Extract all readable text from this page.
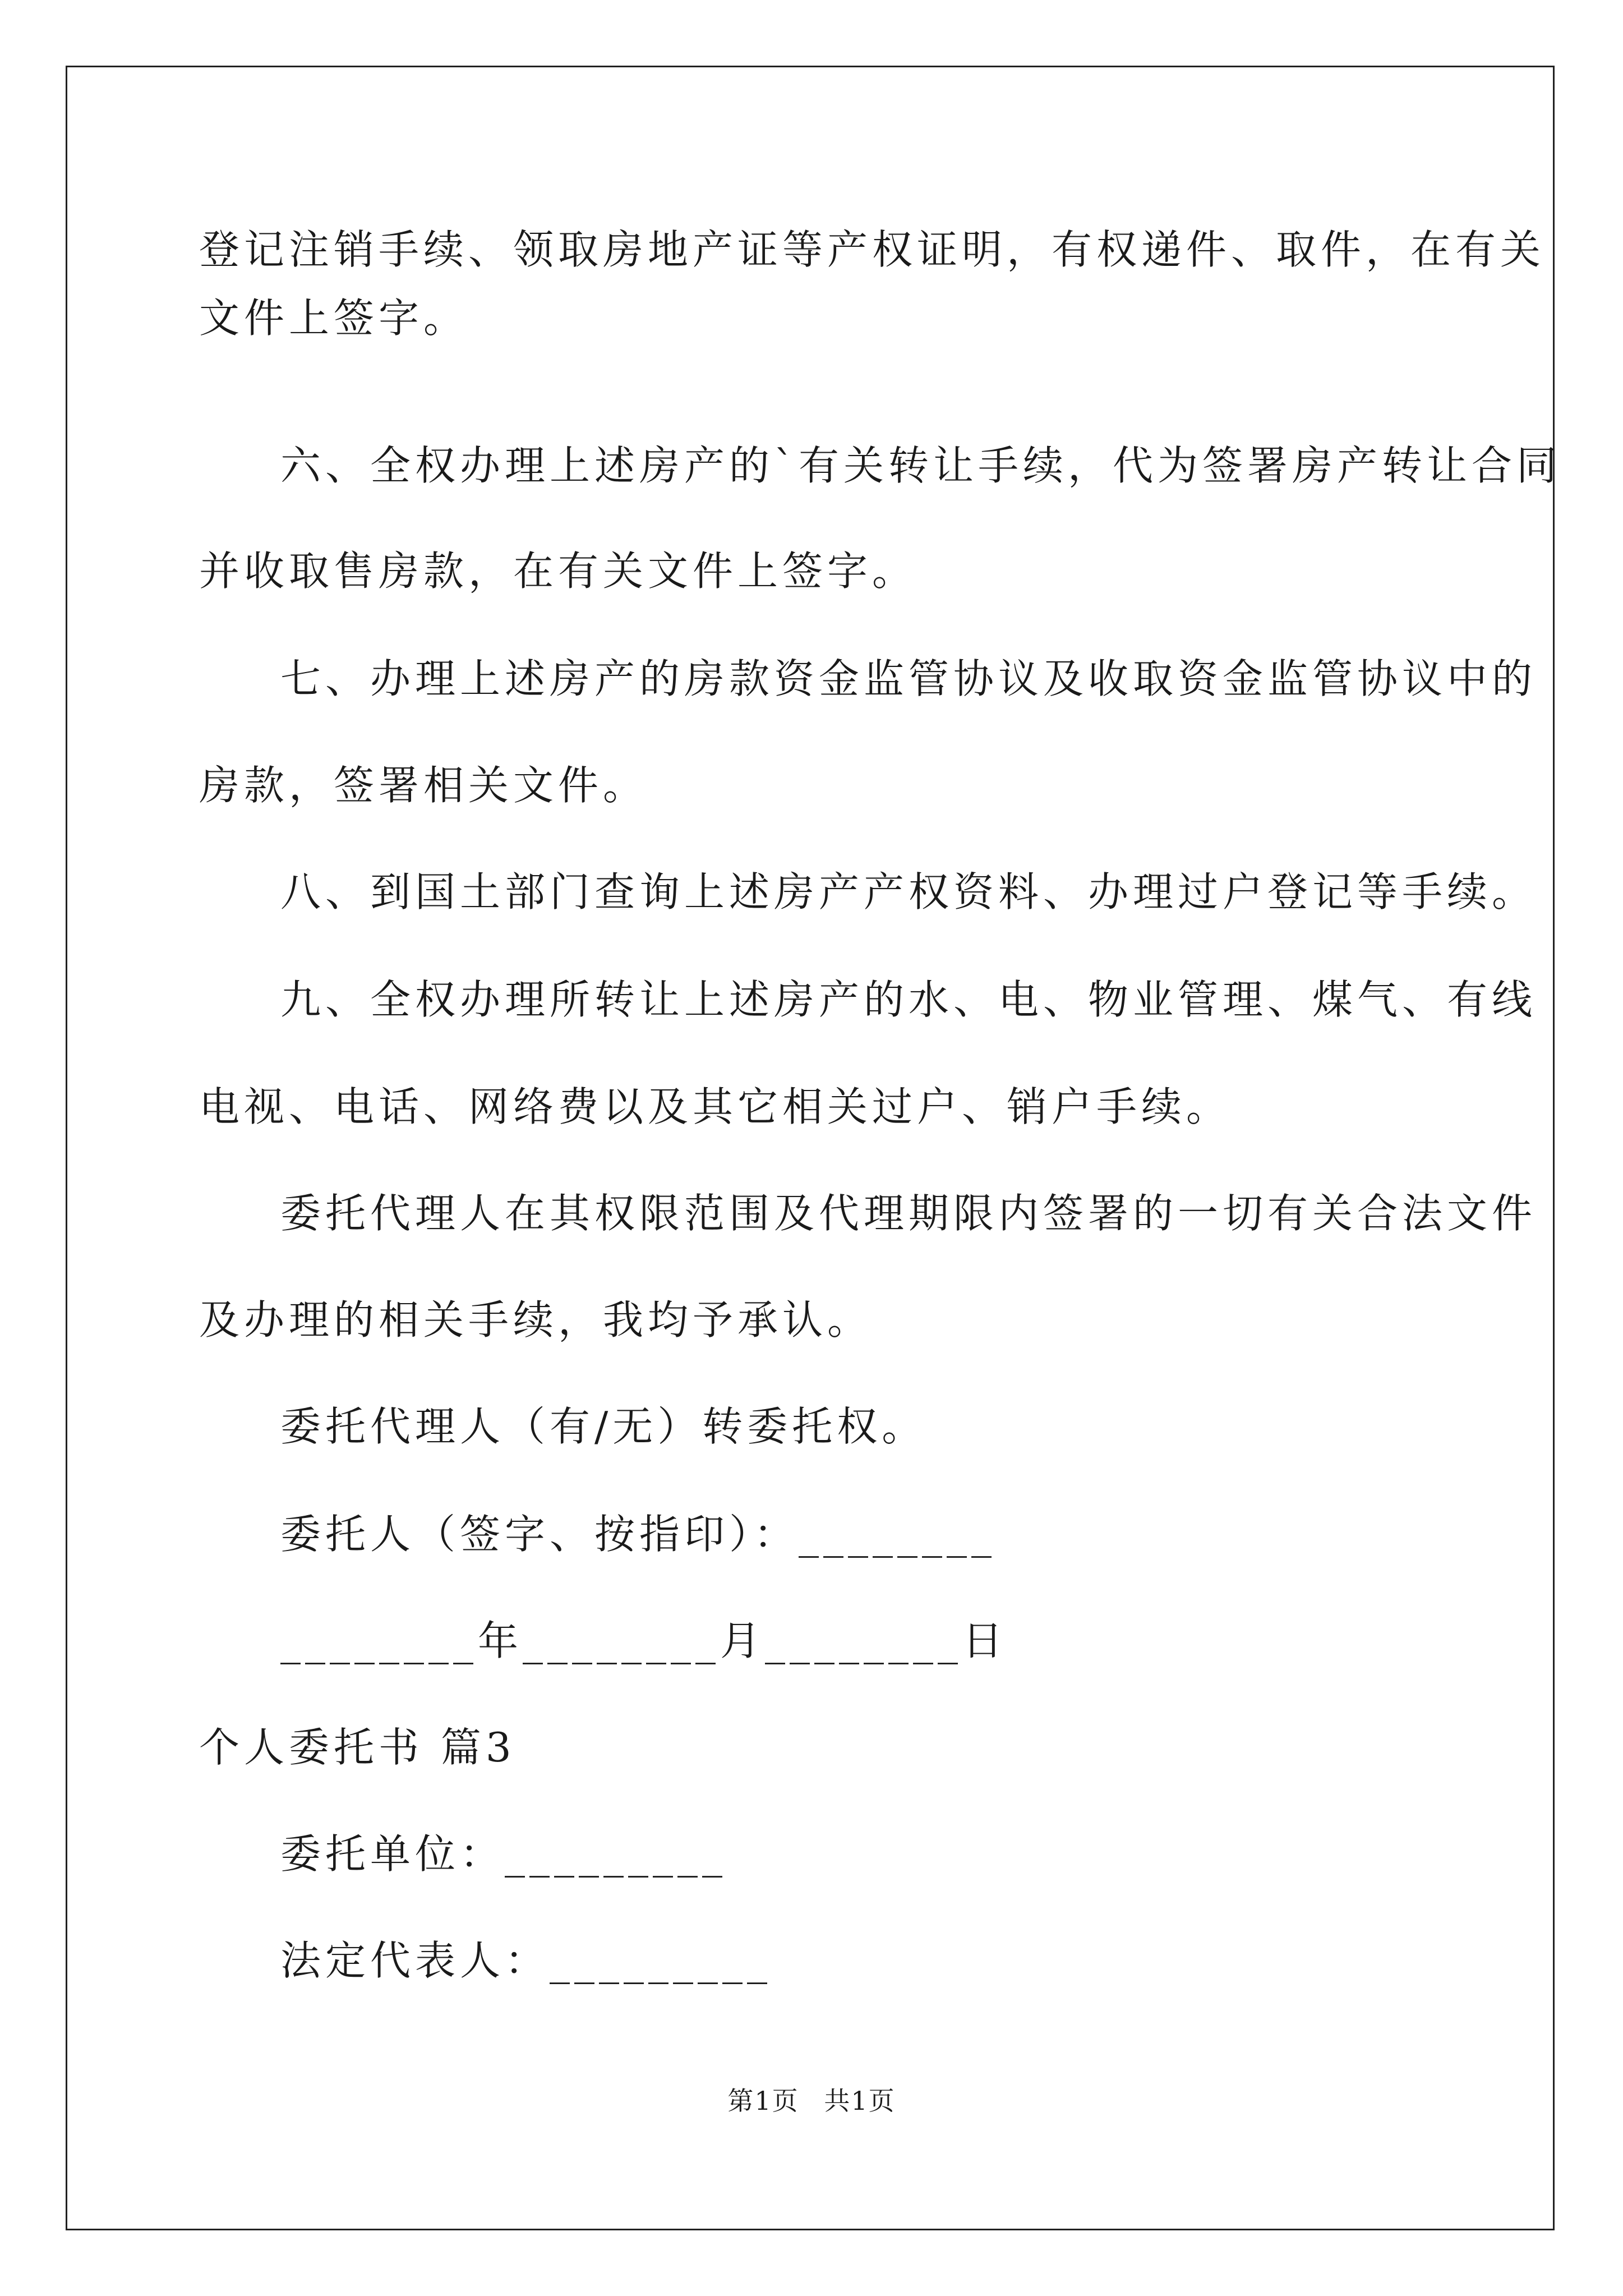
登记注销手续、领取房地产证等产权证明，有权递件、取件，在有关
文件上签字。
六、全权办理上述房产的`有关转让手续，代为签署房产转让合同
并收取售房款，在有关文件上签字。
七、办理上述房产的房款资金监管协议及收取资金监管协议中的
房款，签署相关文件。
八、到国土部门查询上述房产产权资料、办理过户登记等手续。
九、全权办理所转让上述房产的水、电、物业管理、煤气、有线
电视、电话、网络费以及其它相关过户、销户手续。
委托代理人在其权限范围及代理期限内签署的一切有关合法文件
及办理的相关手续，我均予承认。
委托代理人（有/无）转委托权。
委托人（签字、按指印）：________
________年________月________日
个人委托书 篇3
委托单位：_________
法定代表人：_________
第1页 共1页
